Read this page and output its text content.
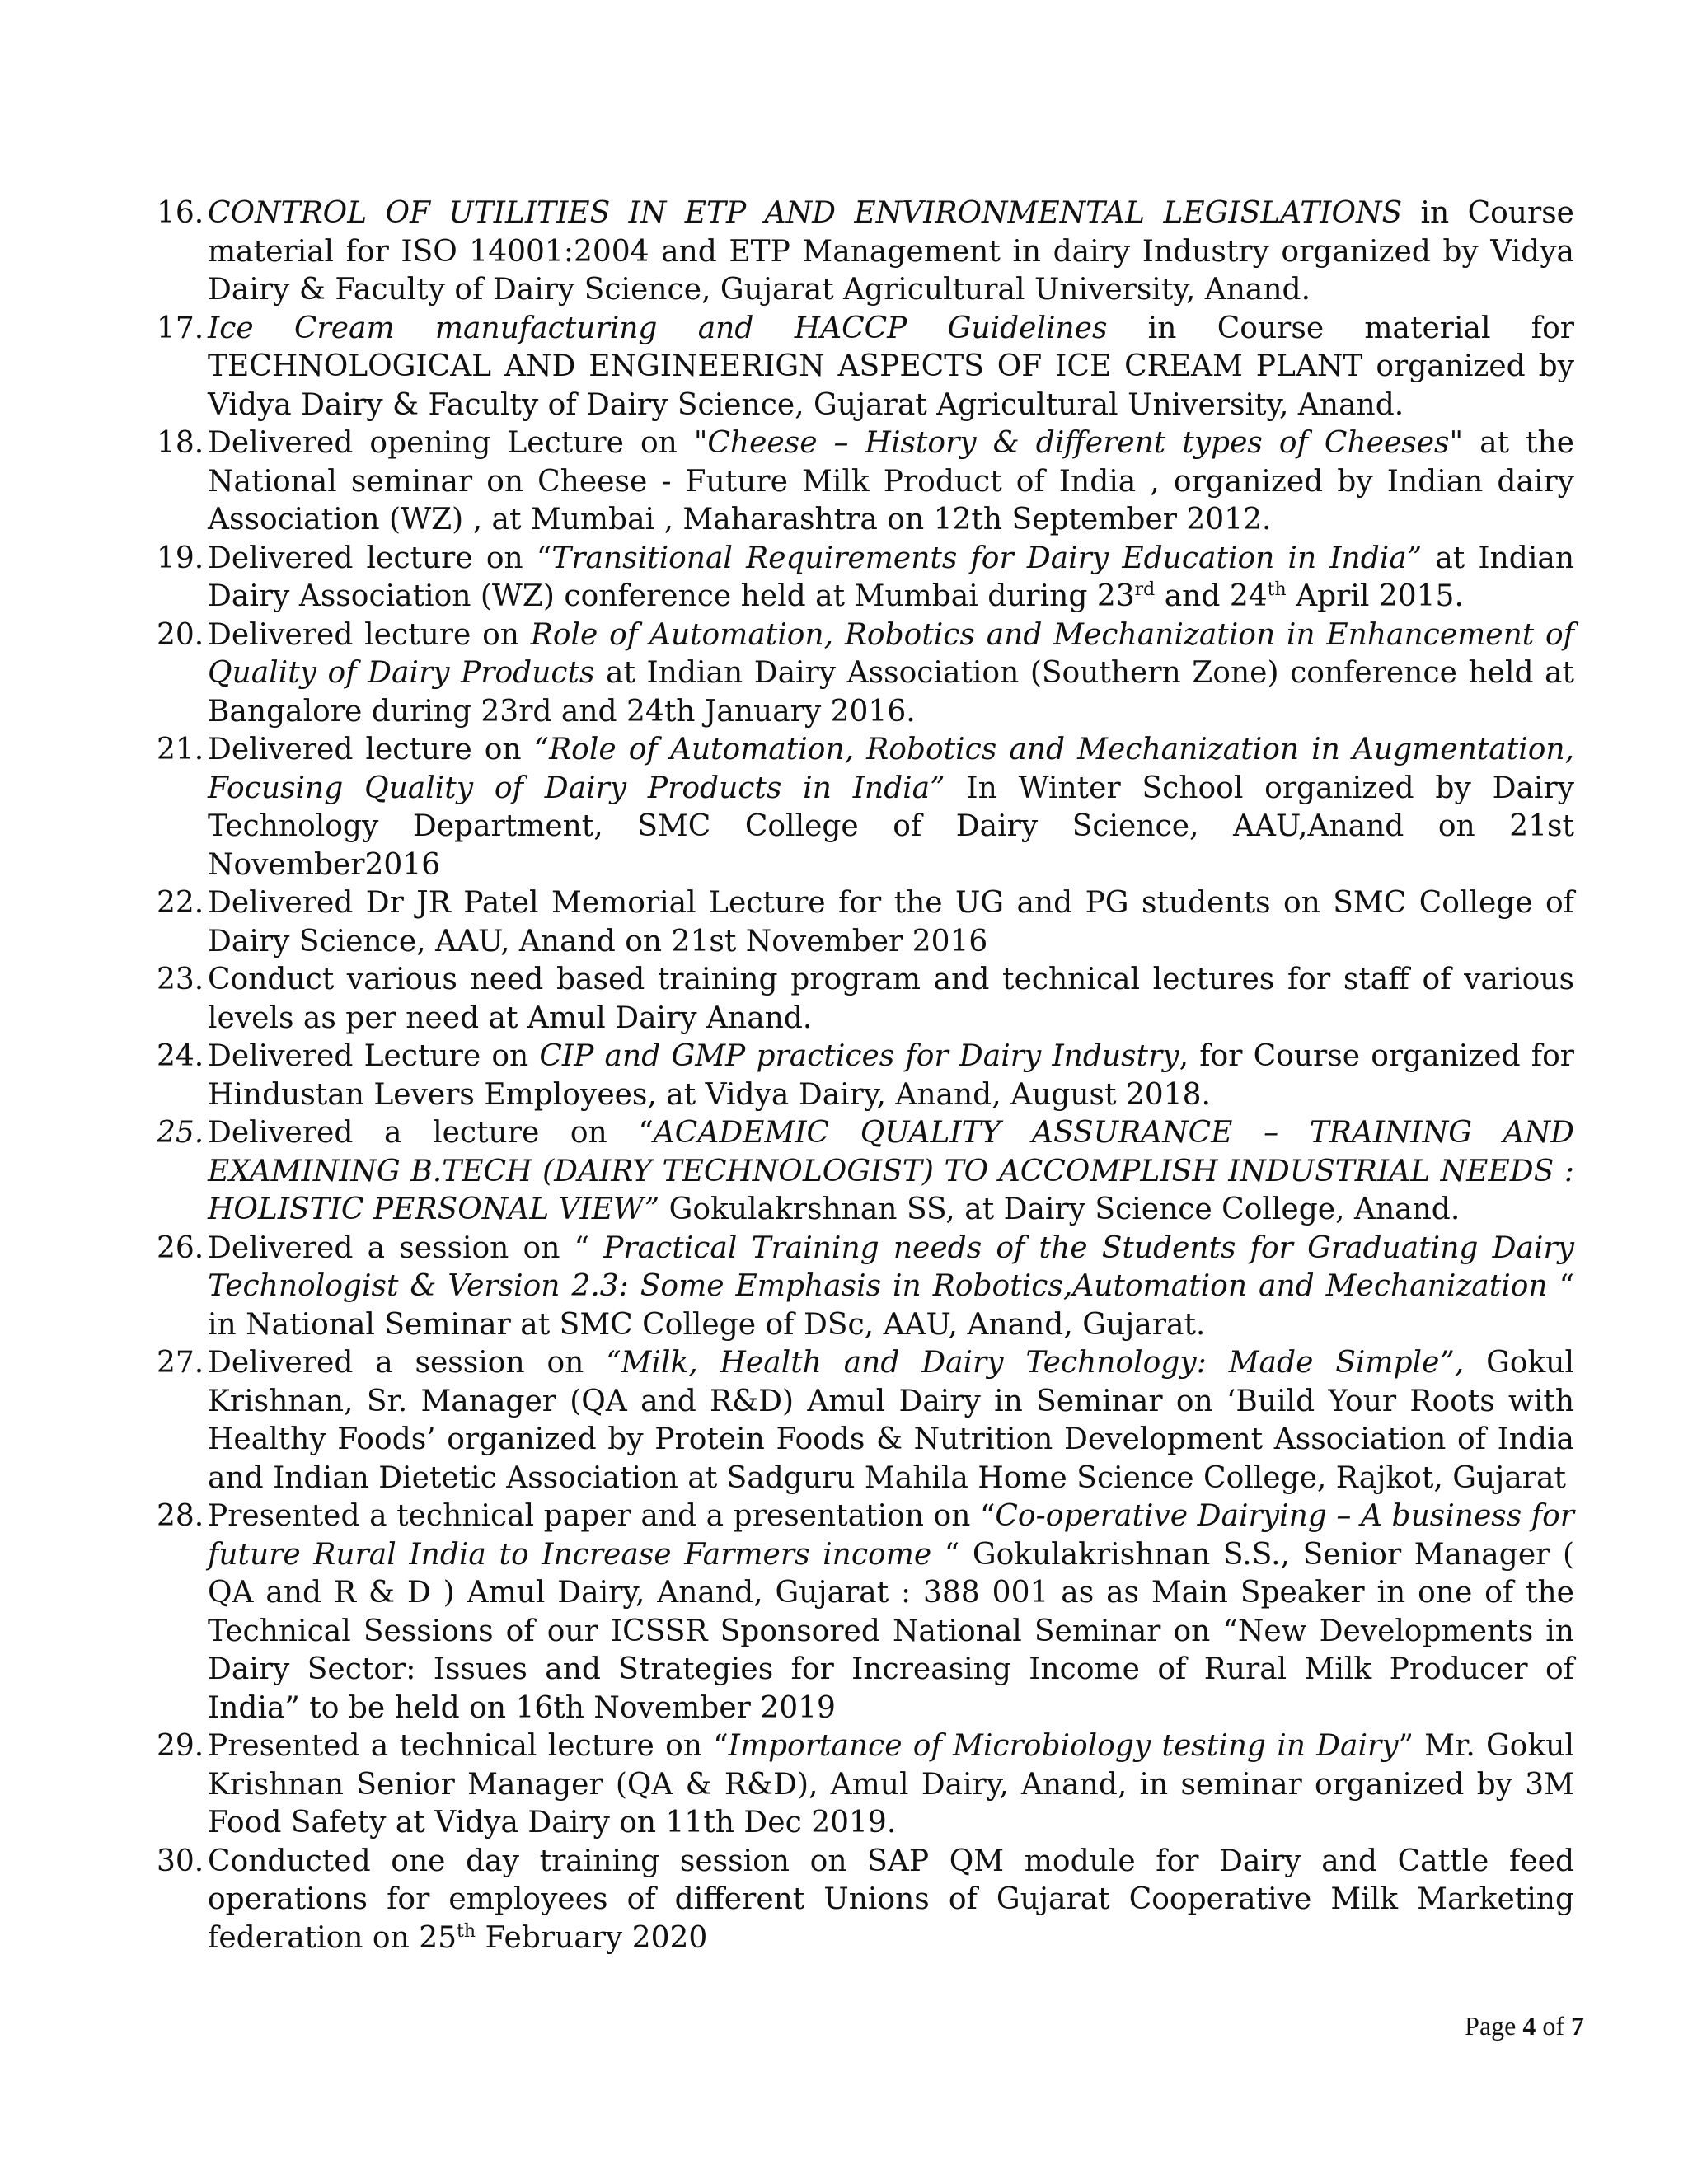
16. CONTROL OF UTILITIES IN ETP AND ENVIRONMENTAL LEGISLATIONS in Course material for ISO 14001:2004 and ETP Management in dairy Industry organized by Vidya Dairy & Faculty of Dairy Science, Gujarat Agricultural University, Anand.
17. Ice Cream manufacturing and HACCP Guidelines in Course material for TECHNOLOGICAL AND ENGINEERIGN ASPECTS OF ICE CREAM PLANT organized by Vidya Dairy & Faculty of Dairy Science, Gujarat Agricultural University, Anand.
18. Delivered opening Lecture on "Cheese – History & different types of Cheeses" at the National seminar on Cheese - Future Milk Product of India , organized by Indian dairy Association (WZ) , at Mumbai , Maharashtra on 12th September 2012.
19. Delivered lecture on “Transitional Requirements for Dairy Education in India” at Indian Dairy Association (WZ) conference held at Mumbai during 23rd and 24th April 2015.
20. Delivered lecture on Role of Automation, Robotics and Mechanization in Enhancement of Quality of Dairy Products at Indian Dairy Association (Southern Zone) conference held at Bangalore during 23rd and 24th January 2016.
21. Delivered lecture on “Role of Automation, Robotics and Mechanization in Augmentation, Focusing Quality of Dairy Products in India” In Winter School organized by Dairy Technology Department, SMC College of Dairy Science, AAU,Anand on 21st November2016
22. Delivered Dr JR Patel Memorial Lecture for the UG and PG students on SMC College of Dairy Science, AAU, Anand on 21st November 2016
23. Conduct various need based training program and technical lectures for staff of various levels as per need at Amul Dairy Anand.
24. Delivered Lecture on CIP and GMP practices for Dairy Industry, for Course organized for Hindustan Levers Employees, at Vidya Dairy, Anand, August 2018.
25. Delivered a lecture on “ACADEMIC QUALITY ASSURANCE – TRAINING AND EXAMINING B.TECH (DAIRY TECHNOLOGIST) TO ACCOMPLISH INDUSTRIAL NEEDS : HOLISTIC PERSONAL VIEW” Gokulakrshnan SS, at Dairy Science College, Anand.
26. Delivered a session on “ Practical Training needs of the Students for Graduating Dairy Technologist & Version 2.3: Some Emphasis in Robotics,Automation and Mechanization “ in National Seminar at SMC College of DSc, AAU, Anand, Gujarat.
27. Delivered a session on “Milk, Health and Dairy Technology: Made Simple”, Gokul Krishnan, Sr. Manager (QA and R&D) Amul Dairy in Seminar on ‘Build Your Roots with Healthy Foods’ organized by Protein Foods & Nutrition Development Association of India and Indian Dietetic Association at Sadguru Mahila Home Science College, Rajkot, Gujarat
28. Presented a technical paper and a presentation on “Co-operative Dairying – A business for future Rural India to Increase Farmers income “ Gokulakrishnan S.S., Senior Manager ( QA and R & D ) Amul Dairy, Anand, Gujarat : 388 001 as as Main Speaker in one of the Technical Sessions of our ICSSR Sponsored National Seminar on “New Developments in Dairy Sector: Issues and Strategies for Increasing Income of Rural Milk Producer of India” to be held on 16th November 2019
29. Presented a technical lecture on “Importance of Microbiology testing in Dairy” Mr. Gokul Krishnan Senior Manager (QA & R&D), Amul Dairy, Anand, in seminar organized by 3M Food Safety at Vidya Dairy on 11th Dec 2019.
30. Conducted one day training session on SAP QM module for Dairy and Cattle feed operations for employees of different Unions of Gujarat Cooperative Milk Marketing federation on 25th February 2020
Page 4 of 7
